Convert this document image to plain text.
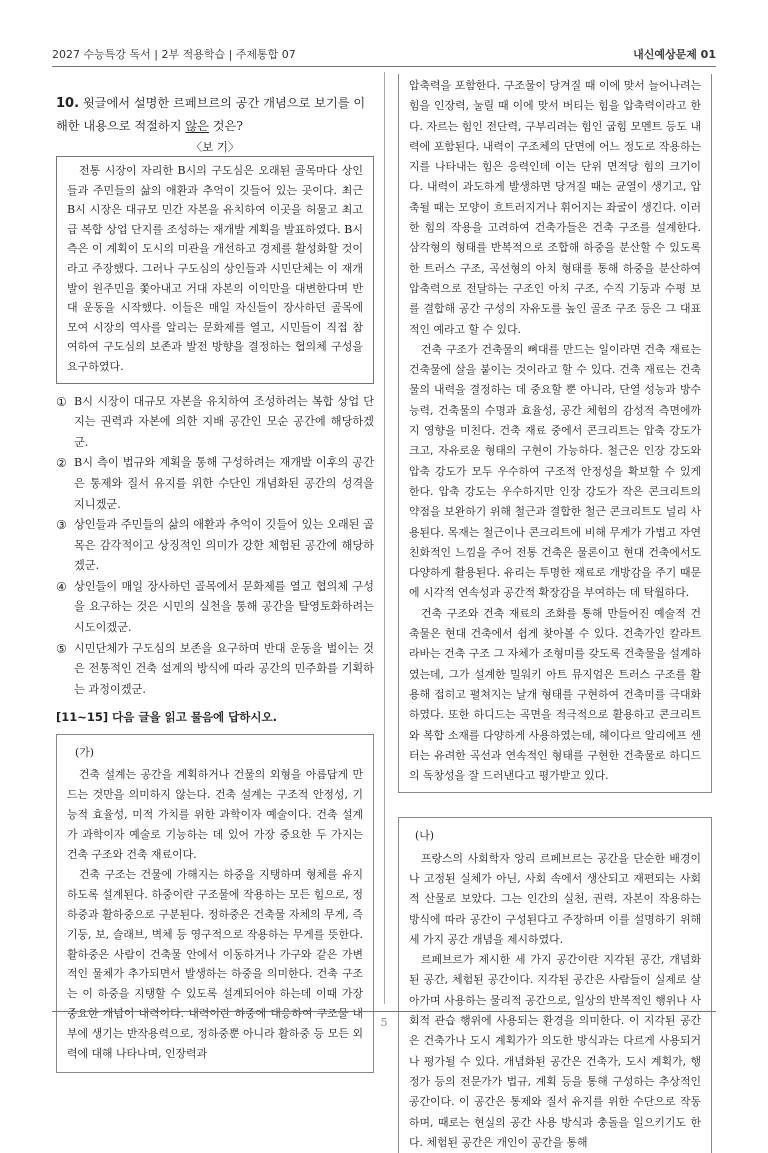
2027 수능특강 독서 | 2부 적용학습 | 주제통합 07	내신예상문제 01
10. 윗글에서 설명한 르페브르의 공간 개념으로 보기를 이해한 내용으로 적절하지 않은 것은?
〈보 기〉

전통 시장이 자리한 B시의 구도심은 오래된 골목마다 상인들과 주민들의 삶의 애환과 추억이 깃들어 있는 곳이다. 최근 B시 시장은 대규모 민간 자본을 유치하여 이곳을 허물고 최고급 복합 상업 단지를 조성하는 재개발 계획을 발표하였다. B시 측은 이 계획이 도시의 미관을 개선하고 경제를 활성화할 것이라고 주장했다. 그러나 구도심의 상인들과 시민단체는 이 재개발이 원주민을 쫓아내고 거대 자본의 이익만을 대변한다며 반대 운동을 시작했다. 이들은 매일 자신들이 장사하던 골목에 모여 시장의 역사를 알리는 문화제를 열고, 시민들이 직접 참여하여 구도심의 보존과 발전 방향을 결정하는 협의체 구성을 요구하였다.

① B시 시장이 대규모 자본을 유치하여 조성하려는 복합 상업 단지는 권력과 자본에 의한 지배 공간인 모순 공간에 해당하겠군.
② B시 측이 법규와 계획을 통해 구성하려는 재개발 이후의 공간은 통제와 질서 유지를 위한 수단인 개념화된 공간의 성격을 지니겠군.
③ 상인들과 주민들의 삶의 애환과 추억이 깃들어 있는 오래된 골목은 감각적이고 상징적인 의미가 강한 체험된 공간에 해당하겠군.
④ 상인들이 매일 장사하던 골목에서 문화제를 열고 협의체 구성을 요구하는 것은 시민의 실천을 통해 공간을 탈영토화하려는 시도이겠군.
⑤ 시민단체가 구도심의 보존을 요구하며 반대 운동을 벌이는 것은 전통적인 건축 설계의 방식에 따라 공간의 민주화를 기획하는 과정이겠군.
[11~15] 다음 글을 읽고 물음에 답하시오.
(가)

건축 설계는 공간을 계획하거나 건물의 외형을 아름답게 만드는 것만을 의미하지 않는다. 건축 설계는 구조적 안정성, 기능적 효율성, 미적 가치를 위한 과학이자 예술이다. 건축 설계가 과학이자 예술로 기능하는 데 있어 가장 중요한 두 가지는 건축 구조와 건축 재료이다.

건축 구조는 건물에 가해지는 하중을 지탱하며 형체를 유지하도록 설계된다. 하중이란 구조물에 작용하는 모든 힘으로, 정하중과 활하중으로 구분된다. 정하중은 건축물 자체의 무게, 즉 기둥, 보, 슬래브, 벽체 등 영구적으로 작용하는 무게를 뜻한다. 활하중은 사람이 건축물 안에서 이동하거나 가구와 같은 가변적인 물체가 추가되면서 발생하는 하중을 의미한다. 건축 구조는 이 하중을 지탱할 수 있도록 설계되어야 하는데 이때 가장 중요한 개념이 내력이다. 내력이란 하중에 대응하여 구조물 내부에 생기는 반작용력으로, 정하중뿐 아니라 활하중 등 모든 외력에 대해 나타나며, 인장력과

압축력을 포함한다. 구조물이 당겨질 때 이에 맞서 늘어나려는 힘을 인장력, 눌릴 때 이에 맞서 버티는 힘을 압축력이라고 한다. 자르는 힘인 전단력, 구부리려는 힘인 굽힘 모멘트 등도 내력에 포함된다. 내력이 구조체의 단면에 어느 정도로 작용하는지를 나타내는 힘은 응력인데 이는 단위 면적당 힘의 크기이다. 내력이 과도하게 발생하면 당겨질 때는 균열이 생기고, 압축될 때는 모양이 흐트러지거나 휘어지는 좌굴이 생긴다. 이러한 힘의 작용을 고려하여 건축가들은 건축 구조를 설계한다. 삼각형의 형태를 반복적으로 조합해 하중을 분산할 수 있도록 한 트러스 구조, 곡선형의 아치 형태를 통해 하중을 분산하여 압축력으로 전달하는 구조인 아치 구조, 수직 기둥과 수평 보를 결합해 공간 구성의 자유도를 높인 골조 구조 등은 그 대표적인 예라고 할 수 있다.

건축 구조가 건축물의 뼈대를 만드는 일이라면 건축 재료는 건축물에 살을 붙이는 것이라고 할 수 있다. 건축 재료는 건축물의 내력을 결정하는 데 중요할 뿐 아니라, 단열 성능과 방수 능력, 건축물의 수명과 효율성, 공간 체험의 감성적 측면에까지 영향을 미친다. 건축 재료 중에서 콘크리트는 압축 강도가 크고, 자유로운 형태의 구현이 가능하다. 철근은 인장 강도와 압축 강도가 모두 우수하여 구조적 안정성을 확보할 수 있게 한다. 압축 강도는 우수하지만 인장 강도가 작은 콘크리트의 약점을 보완하기 위해 철근과 결합한 철근 콘크리트도 널리 사용된다. 목재는 철근이나 콘크리트에 비해 무게가 가볍고 자연 친화적인 느낌을 주어 전통 건축은 물론이고 현대 건축에서도 다양하게 활용된다. 유리는 투명한 재료로 개방감을 주기 때문에 시각적 연속성과 공간적 확장감을 부여하는 데 탁월하다.

건축 구조와 건축 재료의 조화를 통해 만들어진 예술적 건축물은 현대 건축에서 쉽게 찾아볼 수 있다. 건축가인 칼라트라바는 건축 구조 그 자체가 조형미를 갖도록 건축물을 설계하였는데, 그가 설계한 밀워키 아트 뮤지엄은 트러스 구조를 활용해 접히고 펼쳐지는 날개 형태를 구현하여 건축미를 극대화하였다. 또한 하디드는 곡면을 적극적으로 활용하고 콘크리트와 복합 소재를 다양하게 사용하였는데, 헤이다르 알리에프 센터는 유려한 곡선과 연속적인 형태를 구현한 건축물로 하디드의 독창성을 잘 드러낸다고 평가받고 있다.

(나)

프랑스의 사회학자 앙리 르페브르는 공간을 단순한 배경이나 고정된 실체가 아닌, 사회 속에서 생산되고 재편되는 사회적 산물로 보았다. 그는 인간의 실천, 권력, 자본이 작용하는 방식에 따라 공간이 구성된다고 주장하며 이를 설명하기 위해 세 가지 공간 개념을 제시하였다.

르페브르가 제시한 세 가지 공간이란 지각된 공간, 개념화된 공간, 체험된 공간이다. 지각된 공간은 사람들이 실제로 살아가며 사용하는 물리적 공간으로, 일상의 반복적인 행위나 사회적 관습 행위에 사용되는 환경을 의미한다. 이 지각된 공간은 건축가나 도시 계획가가 의도한 방식과는 다르게 사용되거나 평가될 수 있다. 개념화된 공간은 건축가, 도시 계획가, 행정가 등의 전문가가 법규, 계획 등을 통해 구성하는 추상적인 공간이다. 이 공간은 통제와 질서 유지를 위한 수단으로 작동하며, 때로는 현실의 공간 사용 방식과 충돌을 일으키기도 한다. 체험된 공간은 개인이 공간을 통해

5
